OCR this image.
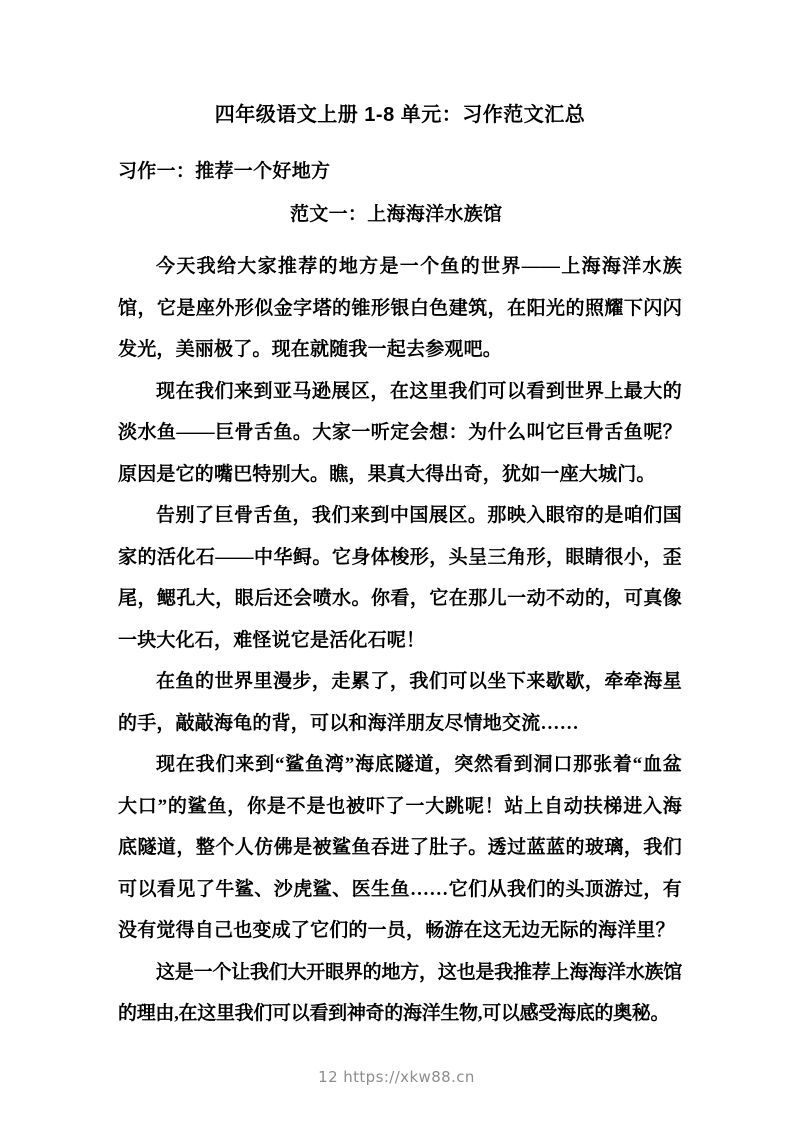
四年级语文上册 1-8 单元：习作范文汇总
习作一：推荐一个好地方
范文一：上海海洋水族馆

今天我给大家推荐的地方是一个鱼的世界——上海海洋水族馆，它是座外形似金字塔的锥形银白色建筑，在阳光的照耀下闪闪发光，美丽极了。现在就随我一起去参观吧。

现在我们来到亚马逊展区，在这里我们可以看到世界上最大的淡水鱼——巨骨舌鱼。大家一听定会想：为什么叫它巨骨舌鱼呢？原因是它的嘴巴特别大。瞧，果真大得出奇，犹如一座大城门。

告别了巨骨舌鱼，我们来到中国展区。那映入眼帘的是咱们国家的活化石——中华鲟。它身体梭形，头呈三角形，眼睛很小，歪尾，鳃孔大，眼后还会喷水。你看，它在那儿一动不动的，可真像一块大化石，难怪说它是活化石呢！

在鱼的世界里漫步，走累了，我们可以坐下来歇歇，牵牵海星的手，敲敲海龟的背，可以和海洋朋友尽情地交流……

现在我们来到“鲨鱼湾”海底隧道，突然看到洞口那张着“血盆大口”的鲨鱼，你是不是也被吓了一大跳呢！站上自动扶梯进入海底隧道，整个人仿佛是被鲨鱼吞进了肚子。透过蓝蓝的玻璃，我们可以看见了牛鲨、沙虎鲨、医生鱼……它们从我们的头顶游过，有没有觉得自己也变成了它们的一员，畅游在这无边无际的海洋里？

这是一个让我们大开眼界的地方，这也是我推荐上海海洋水族馆的理由,在这里我们可以看到神奇的海洋生物,可以感受海底的奥秘。

12 https://xkw88.cn
